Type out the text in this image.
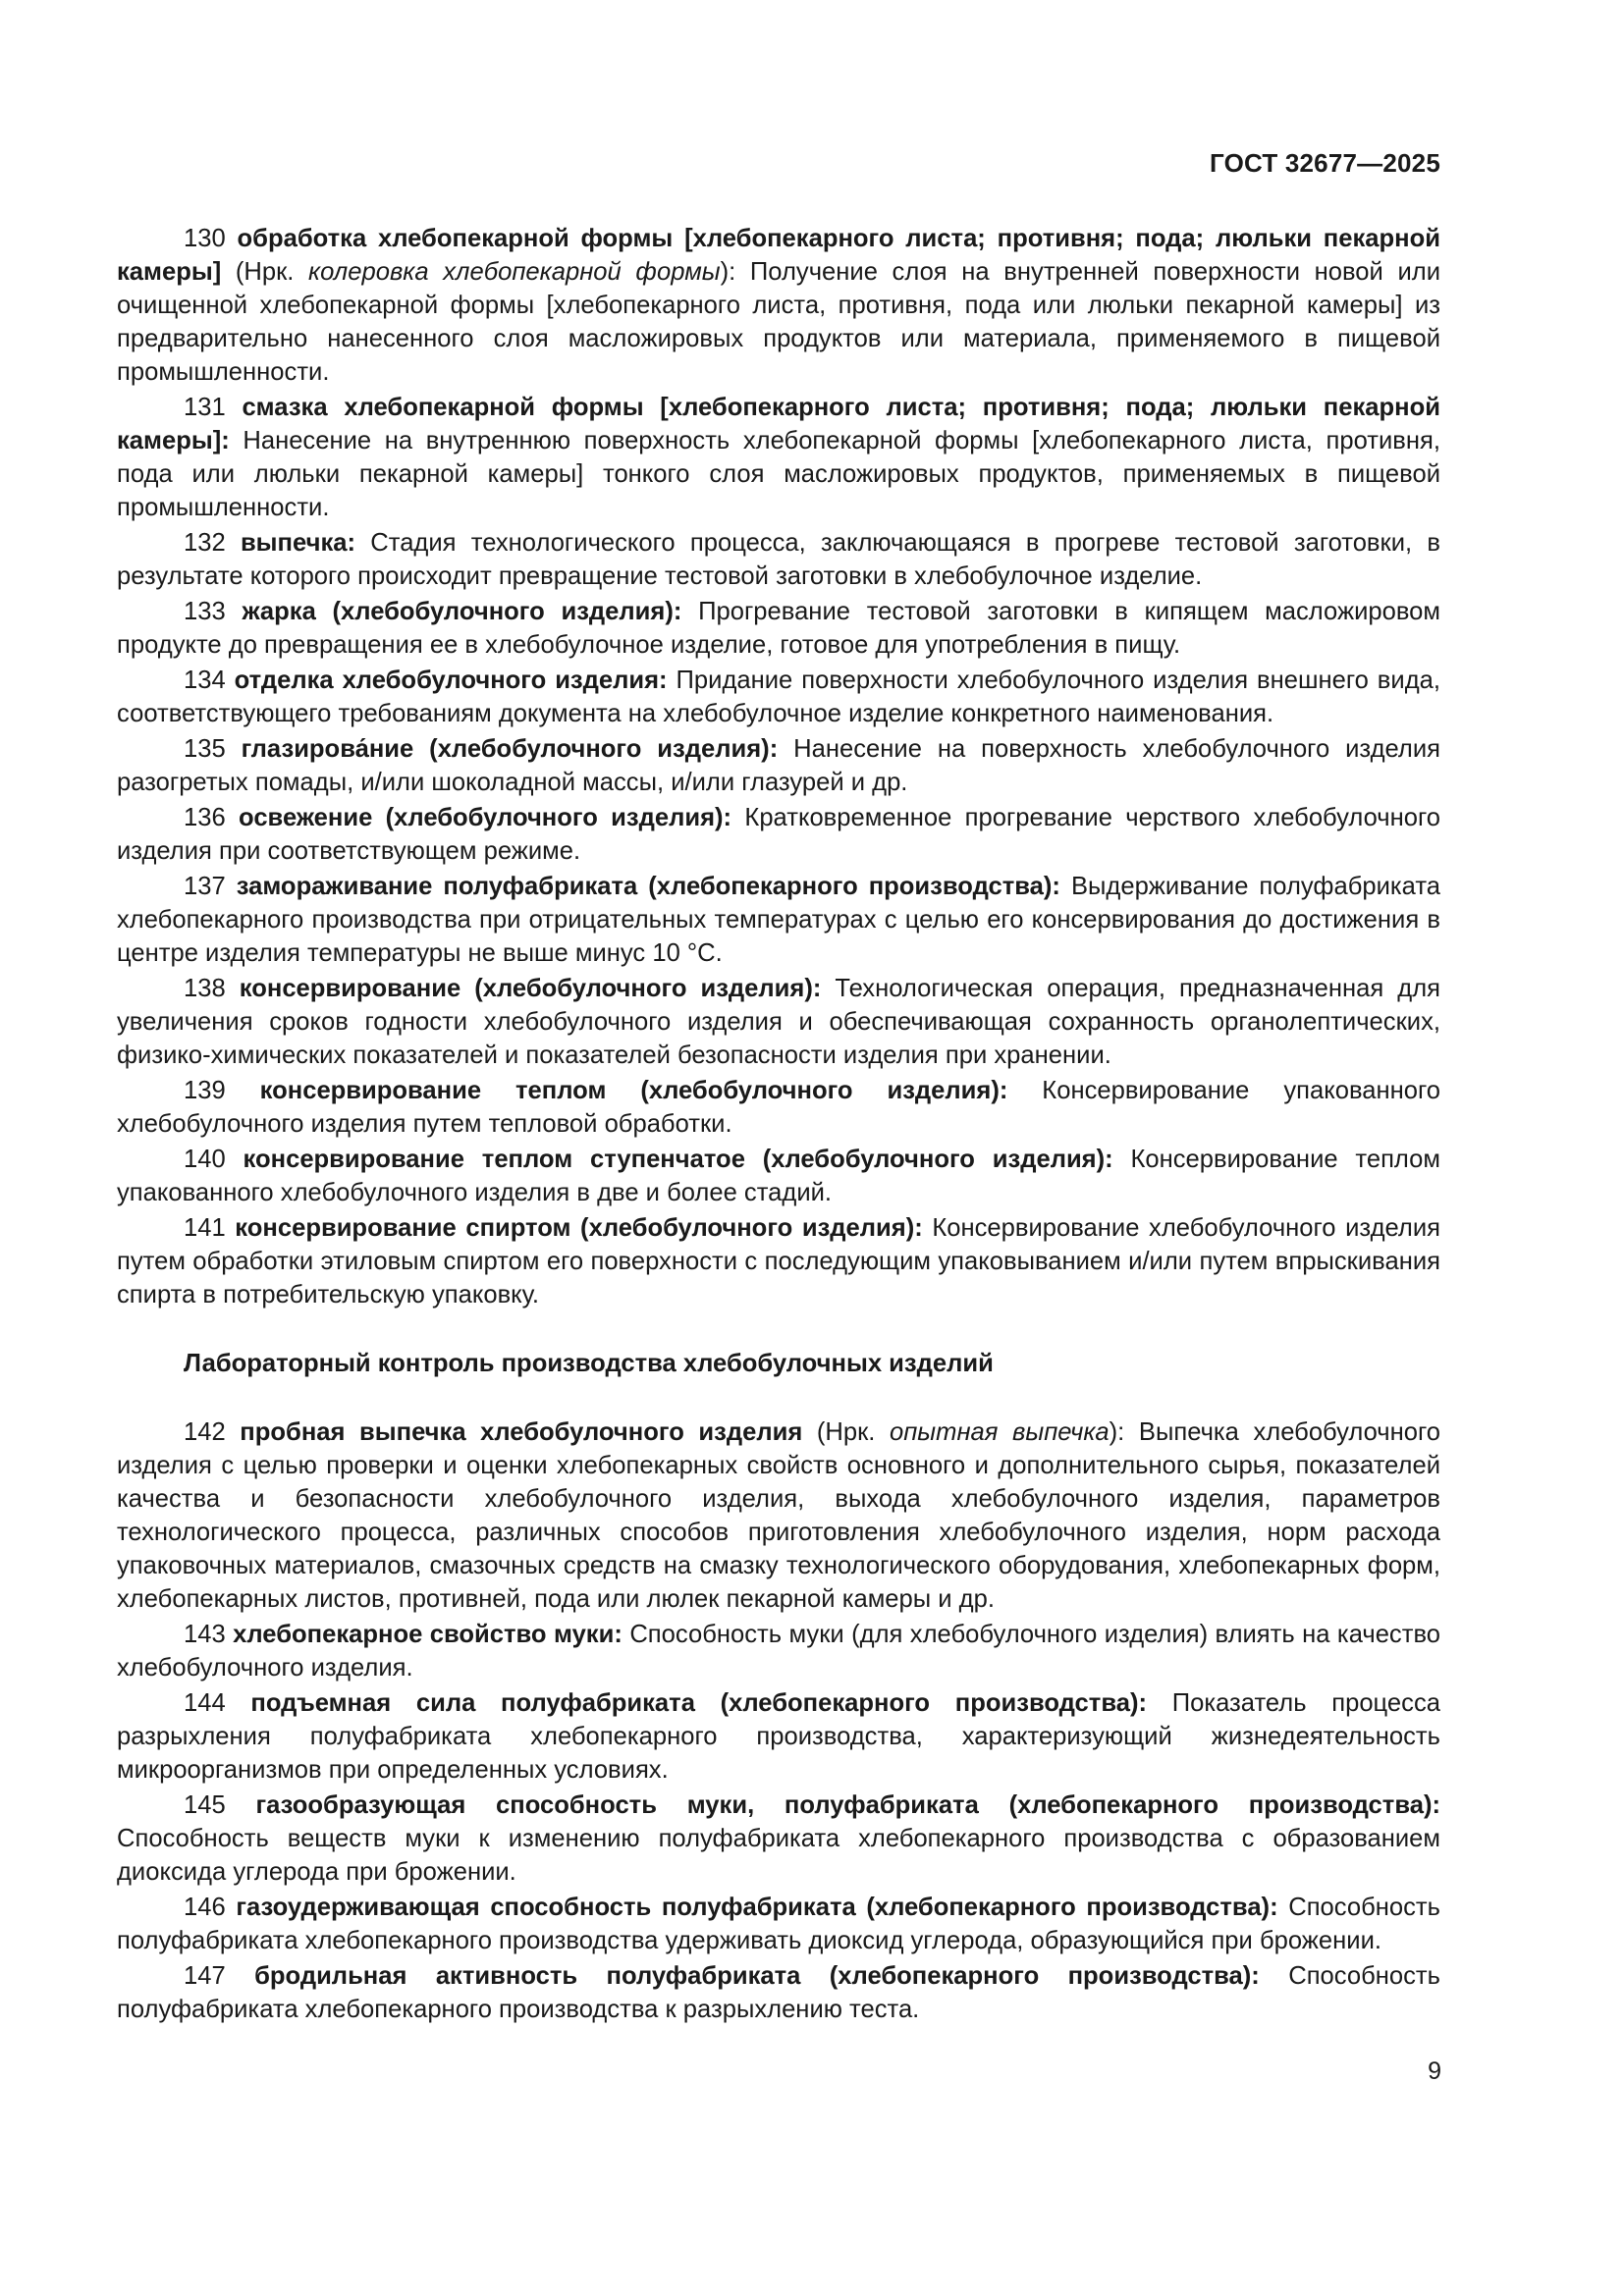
ГОСТ 32677—2025

130 обработка хлебопекарной формы [хлебопекарного листа; противня; пода; люльки пекарной камеры] (Нрк. колеровка хлебопекарной формы): Получение слоя на внутренней поверхности новой или очищенной хлебопекарной формы [хлебопекарного листа, противня, пода или люльки пекарной камеры] из предварительно нанесенного слоя масложировых продуктов или материала, применяемого в пищевой промышленности.

131 смазка хлебопекарной формы [хлебопекарного листа; противня; пода; люльки пекарной камеры]: Нанесение на внутреннюю поверхность хлебопекарной формы [хлебопекарного листа, противня, пода или люльки пекарной камеры] тонкого слоя масложировых продуктов, применяемых в пищевой промышленности.

132 выпечка: Стадия технологического процесса, заключающаяся в прогреве тестовой заготовки, в результате которого происходит превращение тестовой заготовки в хлебобулочное изделие.

133 жарка (хлебобулочного изделия): Прогревание тестовой заготовки в кипящем масложировом продукте до превращения ее в хлебобулочное изделие, готовое для употребления в пищу.

134 отделка хлебобулочного изделия: Придание поверхности хлебобулочного изделия внешнего вида, соответствующего требованиям документа на хлебобулочное изделие конкретного наименования.

135 глазирова́ние (хлебобулочного изделия): Нанесение на поверхность хлебобулочного изделия разогретых помады, и/или шоколадной массы, и/или глазурей и др.

136 освежение (хлебобулочного изделия): Кратковременное прогревание черствого хлебобулочного изделия при соответствующем режиме.

137 замораживание полуфабриката (хлебопекарного производства): Выдерживание полуфабриката хлебопекарного производства при отрицательных температурах с целью его консервирования до достижения в центре изделия температуры не выше минус 10 °С.

138 консервирование (хлебобулочного изделия): Технологическая операция, предназначенная для увеличения сроков годности хлебобулочного изделия и обеспечивающая сохранность органолептических, физико-химических показателей и показателей безопасности изделия при хранении.

139 консервирование теплом (хлебобулочного изделия): Консервирование упакованного хлебобулочного изделия путем тепловой обработки.

140 консервирование теплом ступенчатое (хлебобулочного изделия): Консервирование теплом упакованного хлебобулочного изделия в две и более стадий.

141 консервирование спиртом (хлебобулочного изделия): Консервирование хлебобулочного изделия путем обработки этиловым спиртом его поверхности с последующим упаковыванием и/или путем впрыскивания спирта в потребительскую упаковку.

Лабораторный контроль производства хлебобулочных изделий

142 пробная выпечка хлебобулочного изделия (Нрк. опытная выпечка): Выпечка хлебобулочного изделия с целью проверки и оценки хлебопекарных свойств основного и дополнительного сырья, показателей качества и безопасности хлебобулочного изделия, выхода хлебобулочного изделия, параметров технологического процесса, различных способов приготовления хлебобулочного изделия, норм расхода упаковочных материалов, смазочных средств на смазку технологического оборудования, хлебопекарных форм, хлебопекарных листов, противней, пода или люлек пекарной камеры и др.

143 хлебопекарное свойство муки: Способность муки (для хлебобулочного изделия) влиять на качество хлебобулочного изделия.

144 подъемная сила полуфабриката (хлебопекарного производства): Показатель процесса разрыхления полуфабриката хлебопекарного производства, характеризующий жизнедеятельность микроорганизмов при определенных условиях.

145 газообразующая способность муки, полуфабриката (хлебопекарного производства): Способность веществ муки к изменению полуфабриката хлебопекарного производства с образованием диоксида углерода при брожении.

146 газоудерживающая способность полуфабриката (хлебопекарного производства): Способность полуфабриката хлебопекарного производства удерживать диоксид углерода, образующийся при брожении.

147 бродильная активность полуфабриката (хлебопекарного производства): Способность полуфабриката хлебопекарного производства к разрыхлению теста.

9
